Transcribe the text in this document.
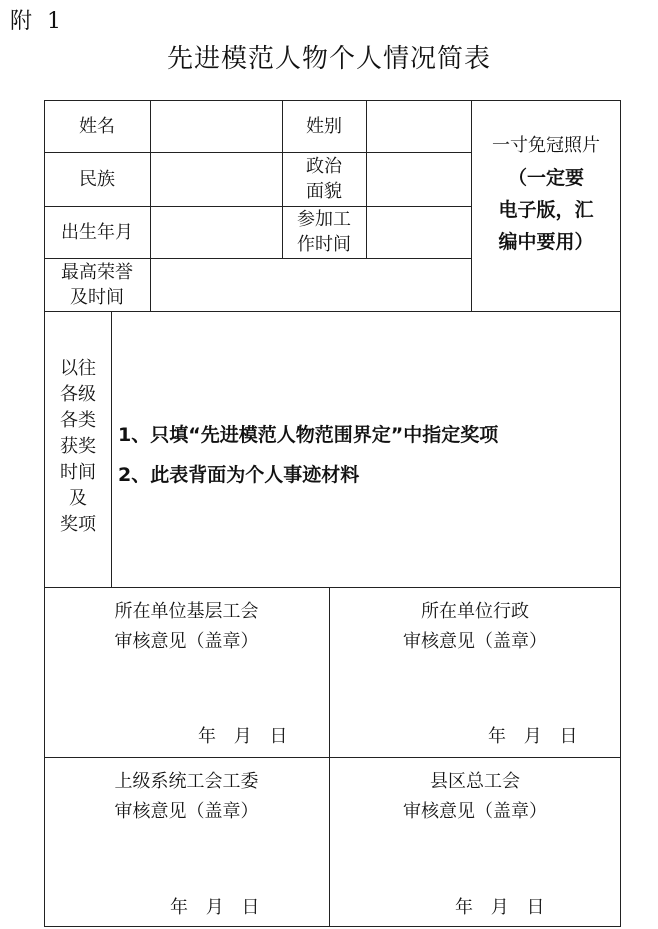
附 1
先进模范人物个人情况简表
姓名	姓别
民族
政治
面貌
出生年月
参加工
作时间
最高荣誉
及时间
一寸免冠照片
（一定要
电子版，汇
编中要用）
以往
各级
各类
获奖
时间
及
奖项
1、只填“先进模范人物范围界定”中指定奖项
2、此表背面为个人事迹材料
所在单位基层工会
审核意见（盖章）
年 月 日
所在单位行政
审核意见（盖章）
年 月 日
上级系统工会工委
审核意见（盖章）
年 月 日
县区总工会
审核意见（盖章）
年 月 日
